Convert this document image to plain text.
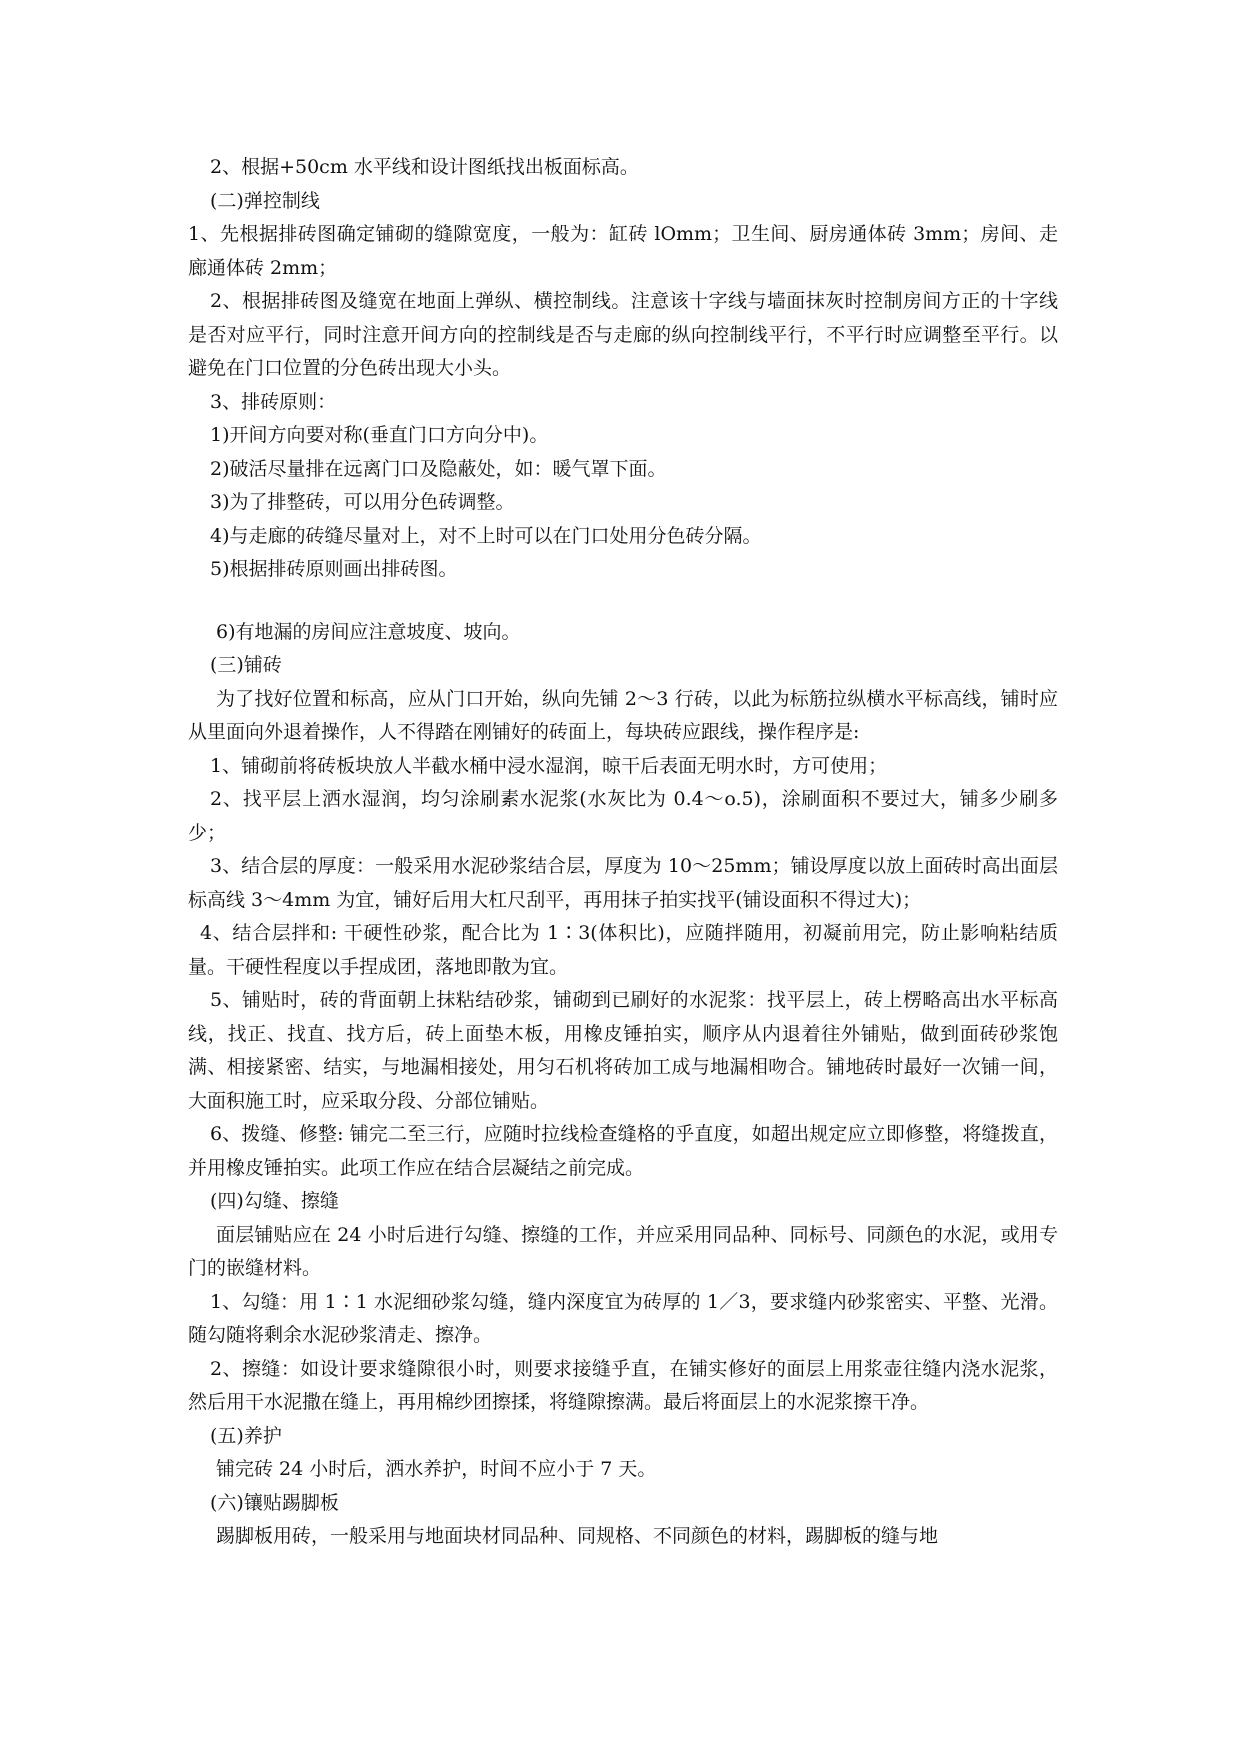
2、根据+50cm 水平线和设计图纸找出板面标高。

(二)弹控制线

1、先根据排砖图确定铺砌的缝隙宽度，一般为：缸砖 lOmm；卫生间、厨房通体砖 3mm；房间、走廊通体砖 2mm；

2、根据排砖图及缝宽在地面上弹纵、横控制线。注意该十字线与墙面抹灰时控制房间方正的十字线是否对应平行，同时注意开间方向的控制线是否与走廊的纵向控制线平行，不平行时应调整至平行。以避免在门口位置的分色砖出现大小头。

3、排砖原则：

1)开间方向要对称(垂直门口方向分中)。

2)破活尽量排在远离门口及隐蔽处，如：暖气罩下面。

3)为了排整砖，可以用分色砖调整。

4)与走廊的砖缝尽量对上，对不上时可以在门口处用分色砖分隔。

5)根据排砖原则画出排砖图。

6)有地漏的房间应注意坡度、坡向。

(三)铺砖

为了找好位置和标高，应从门口开始，纵向先铺 2～3 行砖，以此为标筋拉纵横水平标高线，铺时应从里面向外退着操作，人不得踏在刚铺好的砖面上，每块砖应跟线，操作程序是:

1、铺砌前将砖板块放人半截水桶中浸水湿润，晾干后表面无明水时，方可使用；

2、找平层上洒水湿润，均匀涂刷素水泥浆(水灰比为 0.4～o.5)，涂刷面积不要过大，铺多少刷多少；

3、结合层的厚度：一般采用水泥砂浆结合层，厚度为 10～25mm；铺设厚度以放上面砖时高出面层标高线 3～4mm 为宜，铺好后用大杠尺刮平，再用抹子拍实找平(铺设面积不得过大)；

4、结合层拌和: 干硬性砂浆，配合比为 1∶3(体积比)，应随拌随用，初凝前用完，防止影响粘结质量。干硬性程度以手捏成团，落地即散为宜。

5、铺贴时，砖的背面朝上抹粘结砂浆，铺砌到已刷好的水泥浆：找平层上，砖上楞略高出水平标高线，找正、找直、找方后，砖上面垫木板，用橡皮锤拍实，顺序从内退着往外铺贴，做到面砖砂浆饱满、相接紧密、结实，与地漏相接处，用匀石机将砖加工成与地漏相吻合。铺地砖时最好一次铺一间，大面积施工时，应采取分段、分部位铺贴。

6、拨缝、修整: 铺完二至三行，应随时拉线检查缝格的乎直度，如超出规定应立即修整，将缝拨直，并用橡皮锤拍实。此项工作应在结合层凝结之前完成。

(四)勾缝、擦缝

面层铺贴应在 24 小时后进行勾缝、擦缝的工作，并应采用同品种、同标号、同颜色的水泥，或用专门的嵌缝材料。

1、勾缝：用 1∶1 水泥细砂浆勾缝，缝内深度宜为砖厚的 1／3，要求缝内砂浆密实、平整、光滑。随勾随将剩余水泥砂浆清走、擦净。

2、擦缝：如设计要求缝隙很小时，则要求接缝乎直，在铺实修好的面层上用浆壶往缝内浇水泥浆，然后用干水泥撒在缝上，再用棉纱团擦揉，将缝隙擦满。最后将面层上的水泥浆擦干净。

(五)养护

铺完砖 24 小时后，洒水养护，时间不应小于 7 天。

(六)镶贴踢脚板

踢脚板用砖，一般采用与地面块材同品种、同规格、不同颜色的材料，踢脚板的缝与地
